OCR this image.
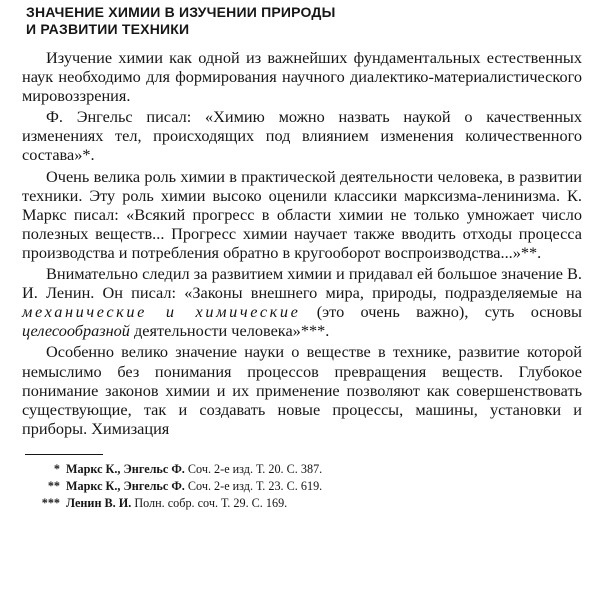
ЗНАЧЕНИЕ ХИМИИ В ИЗУЧЕНИИ ПРИРОДЫ
И РАЗВИТИИ ТЕХНИКИ

Изучение химии как одной из важнейших фундаментальных естественных наук необходимо для формирования научного диалектико-материалистического мировоззрения.

Ф. Энгельс писал: «Химию можно назвать наукой о качественных изменениях тел, происходящих под влиянием изменения количественного состава»*.

Очень велика роль химии в практической деятельности человека, в развитии техники. Эту роль химии высоко оценили классики марксизма-ленинизма. К. Маркс писал: «Всякий прогресс в области химии не только умножает число полезных веществ... Прогресс химии научает также вводить отходы процесса производства и потребления обратно в кругооборот воспроизводства...»**.

Внимательно следил за развитием химии и придавал ей большое значение В. И. Ленин. Он писал: «Законы внешнего мира, природы, подразделяемые на механические и химические (это очень важно), суть основы целесообразной деятельности человека»***.

Особенно велико значение науки о веществе в технике, развитие которой немыслимо без понимания процессов превращения веществ. Глубокое понимание законов химии и их применение позволяют как совершенствовать существующие, так и создавать новые процессы, машины, установки и приборы. Химизация

* Маркс К., Энгельс Ф. Соч. 2-е изд. Т. 20. С. 387.
** Маркс К., Энгельс Ф. Соч. 2-е изд. Т. 23. С. 619.
*** Ленин В. И. Полн. собр. соч. Т. 29. С. 169.
